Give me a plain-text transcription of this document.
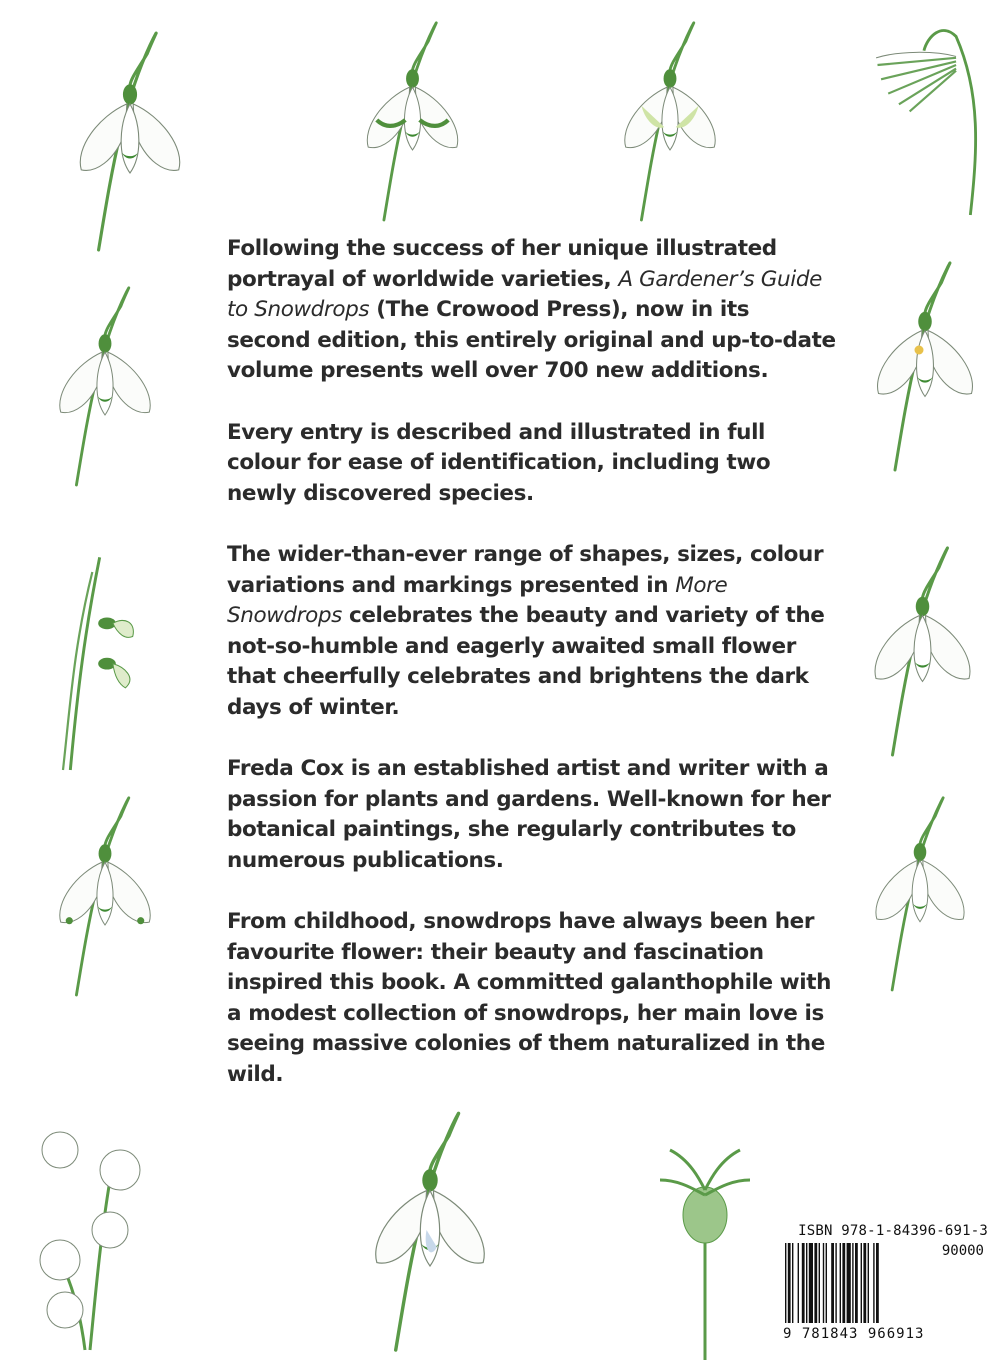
Following the success of her unique illustrated portrayal of worldwide varieties, A Gardener’s Guide to Snowdrops (The Crowood Press), now in its second edition, this entirely original and up-to-date volume presents well over 700 new additions.

Every entry is described and illustrated in full colour for ease of identification, including two newly discovered species.

The wider-than-ever range of shapes, sizes, colour variations and markings presented in More Snowdrops celebrates the beauty and variety of the not-so-humble and eagerly awaited small flower that cheerfully celebrates and brightens the dark days of winter.

Freda Cox is an established artist and writer with a passion for plants and gardens. Well-known for her botanical paintings, she regularly contributes to numerous publications.

From childhood, snowdrops have always been her favourite flower: their beauty and fascination inspired this book. A committed galanthophile with a modest collection of snowdrops, her main love is seeing massive colonies of them naturalized in the wild.

ISBN 978-1-84396-691-3
90000
9 781843 966913
